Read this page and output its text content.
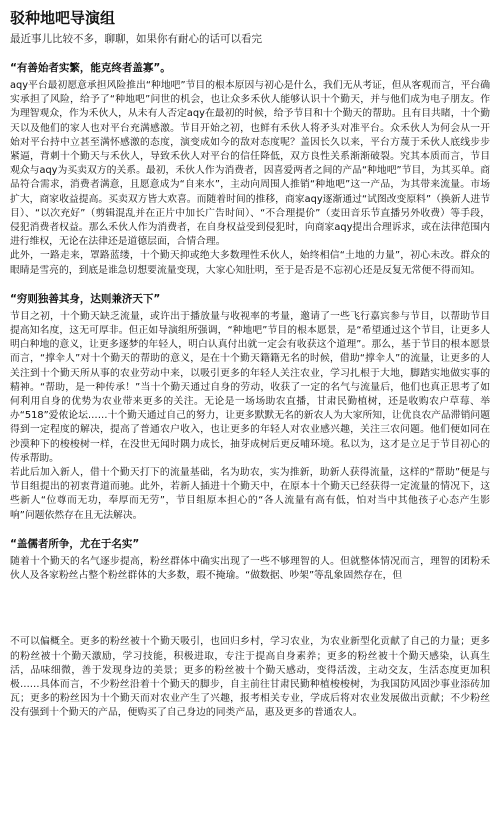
驳种地吧导演组

最近事儿比较不多，聊聊，如果你有耐心的话可以看完

“有善始者实繁，能克终者盖寡”。

aqy平台最初愿意承担风险推出“种地吧”节目的根本原因与初心是什么，我们无从考证，但从客观而言，平台确实承担了风险，给予了“种地吧”问世的机会，也让众多禾伙人能够认识十个勤天，并与他们成为电子朋友。作为理智观众，作为禾伙人，从未有人否定aqy在最初的时候，给予节目和十个勤天的帮助。且有目共睹，十个勤天以及他们的家人也对平台充满感激。节目开始之初，也鲜有禾伙人将矛头对准平台。众禾伙人为何会从一开始对平台持中立甚至满怀感激的态度，演变成如今的敌对态度呢？盖因长久以来，平台方蔑于禾伙人底线步步紧逼，背刺十个勤天与禾伙人，导致禾伙人对平台的信任降低，双方良性关系渐渐破裂。究其本质而言，节目观众与aqy为买卖双方的关系。最初，禾伙人作为消费者，因喜爱两者之间的产品“种地吧”节目，为其买单。商品符合需求，消费者满意，且愿意成为“自来水”，主动向周围人推销“种地吧”这一产品，为其带来流量。市场扩大，商家收益提高。买卖双方皆大欢喜。而随着时间的推移，商家aqy逐渐通过“试图改变原料”（换新人进节目）、“以次充好”（剪辑混乱并在正片中加长广告时间）、“不合理提价”（麦田音乐节直播另外收费）等手段，侵犯消费者权益。那么禾伙人作为消费者，在自身权益受到侵犯时，向商家aqy提出合理诉求，或在法律范围内进行维权，无论在法律还是道德层面，合情合理。

此外，一路走来，罩路蓝缕，十个勤天抑或绝大多数理性禾伙人，始终相信“土地的力量”，初心未改。群众的眼睛是雪亮的，到底是谁急切想要流量变现，大家心知肚明，至于是否是不忘初心还是反复无常便不得而知。

“穷则独善其身，达则兼济天下”

节目之初，十个勤天缺乏流量，或许出于播放量与收视率的考量，邀请了一些飞行嘉宾参与节目，以帮助节目提高知名度，这无可厚非。但正如导演组所强调，“种地吧”节目的根本愿景，是“希望通过这个节目，让更多人明白种地的意义，让更多逐梦的年轻人，明白认真付出就一定会有收获这个道理”。那么，基于节目的根本愿景而言，“撑伞人”对十个勤天的帮助的意义，是在十个勤天籍籍无名的时候，借助“撑伞人”的流量，让更多的人关注到十个勤天所从事的农业劳动中来，以吸引更多的年轻人关注农业，学习扎根于大地，脚踏实地做实事的精神。“帮助，是一种传承！”当十个勤天通过自身的劳动，收获了一定的名气与流量后，他们也真正思考了如何利用自身的优势为农业带来更多的关注。无论是一场场助农直播，甘肃民勤植树，还是收购农户草莓、举办“518”爱侬论坛……十个勤天通过自己的努力，让更多默默无名的新农人为大家所知，让优良农产品滞销问题得到一定程度的解决，提高了普通农户收入，也让更多的年轻人对农业感兴趣，关注三农问题。他们便如同在沙漠种下的梭梭树一样，在没世无闻时隅力成长，抽芽成树后更反哺环境。私以为，这才是立足于节目初心的传承帮助。

若此后加入新人，借十个勤天打下的流量基础，名为助农，实为推新，助新人获得流量，这样的“帮助”便是与节目组提出的初衷背道而驰。此外，若新人插进十个勤天中，在原本十个勤天已经获得一定流量的情况下，这些新人“位尊而无功，奉厚而无劳”，节目组原本担心的“各人流量有高有低，怕对当中其他孩子心态产生影响”问题依然存在且无法解决。

“盖儒者所争，尤在于名实”

随着十个勤天的名气逐步提高，粉丝群体中确实出现了一些不够理智的人。但就整体情况而言，理智的团粉禾伙人及各家粉丝占整个粉丝群体的大多数，瑕不掩瑜。“做数据、吵架”等乱象固然存在，但

不可以偏概全。更多的粉丝被十个勤天吸引，也回归乡村，学习农业，为农业新型化贡献了自己的力量；更多的粉丝被十个勤天激励，学习技能，积极进取，专注于提高自身素养；更多的粉丝被十个勤天感染，认真生活，品味细微，善于发现身边的美景；更多的粉丝被十个勤天感动，变得活泼，主动交友，生活态度更加积极……具体而言，不少粉丝沿着十个勤天的脚步，自主前往甘肃民勤种植梭梭树，为我国防风固沙事业添砖加瓦；更多的粉丝因为十个勤天而对农业产生了兴趣，报考相关专业，学成后将对农业发展做出贡献；不少粉丝没有强到十个勤天的产品，便购买了自己身边的同类产品，惠及更多的普通农人。
